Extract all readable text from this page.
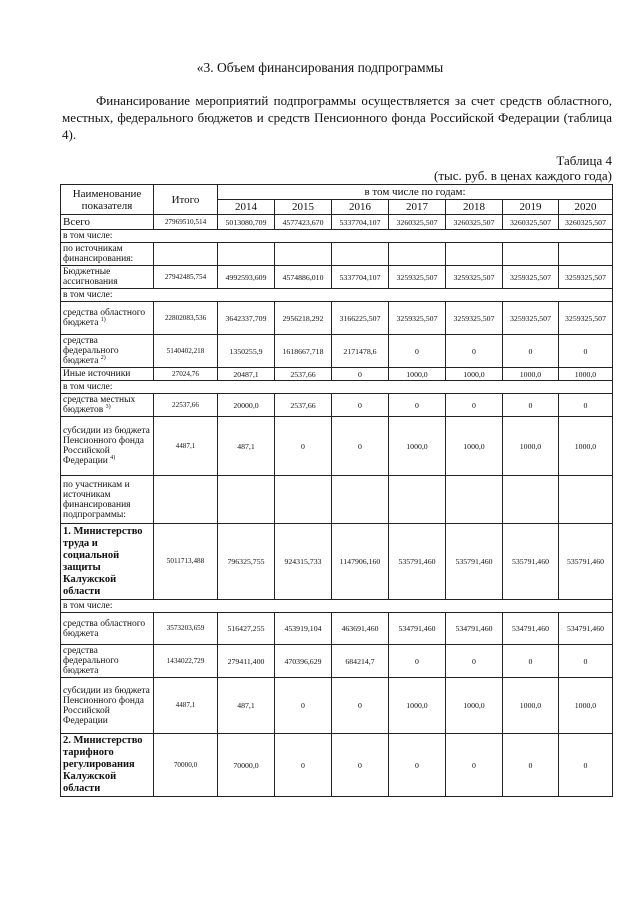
«3. Объем финансирования подпрограммы
Финансирование мероприятий подпрограммы осуществляется за счет средств областного, местных, федерального бюджетов и средств Пенсионного фонда Российской Федерации (таблица 4).
Таблица 4
(тыс. руб. в ценах каждого года)
Наименование показателя	Итого	в том числе по годам:						
		2014	2015	2016	2017	2018	2019	2020
Всего	27969510,514	5013080,709	4577423,670	5337704,107	3260325,507	3260325,507	3260325,507	3260325,507
в том числе:								
по источникам финансирования:								
Бюджетные ассигнования	27942485,754	4992593,609	4574886,010	5337704,107	3259325,507	3259325,507	3259325,507	3259325,507
в том числе:								
средства областного бюджета $^{1)}$	22802083,536	3642337,709	2956218,292	3166225,507	3259325,507	3259325,507	3259325,507	3259325,507
средства федерального бюджета $^{2)}$	5140402,218	1350255,9	1618667,718	2171478,6	0	0	0	0
Иные источники	27024,76	20487,1	2537,66	0	1000,0	1000,0	1000,0	1000,0
в том числе:								
средства местных бюджетов $^{3)}$	22537,66	20000,0	2537,66	0	0	0	0	0
субсидии из бюджета Пенсионного фонда Российской Федерации $^{4)}$	4487,1	487,1	0	0	1000,0	1000,0	1000,0	1000,0
по участникам и источникам финансирования подпрограммы:								
1. Министерство труда и социальной защиты Калужской области	5011713,488	796325,755	924315,733	1147906,160	535791,460	535791,460	535791,460	535791,460
в том числе:								
средства областного бюджета	3573203,659	516427,255	453919,104	463691,460	534791,460	534791,460	534791,460	534791,460
средства федерального бюджета	1434022,729	279411,400	470396,629	684214,7	0	0	0	0
субсидии из бюджета Пенсионного фонда Российской Федерации	4487,1	487,1	0	0	1000,0	1000,0	1000,0	1000,0
2. Министерство тарифного регулирования Калужской области	70000,0	70000,0	0	0	0	0	0	0
